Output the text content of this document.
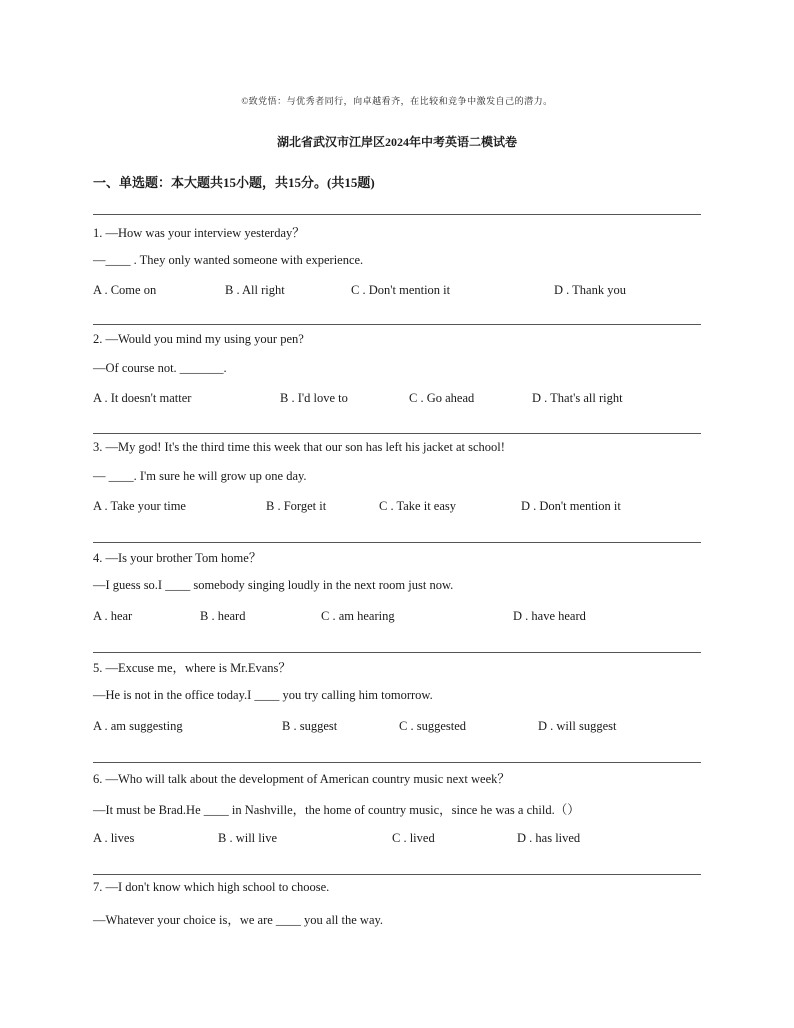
©致党悟：与优秀者同行，向卓越看齐，在比较和竞争中激发自己的潜力。
湖北省武汉市江岸区2024年中考英语二模试卷
一、单选题：本大题共15小题，共15分。(共15题)
1. —How was your interview yesterday？
—____ . They only wanted someone with experience.
A . Come on	B . All right	C . Don't mention it	D . Thank you
2. —Would you mind my using your pen?
—Of course not. _______.
A . It doesn't matter	B . I'd love to	C . Go ahead	D . That's all right
3. —My god! It's the third time this week that our son has left his jacket at school!
— ____. I'm sure he will grow up one day.
A . Take your time	B . Forget it	C . Take it easy	D . Don't mention it
4. —Is your brother Tom home？
—I guess so.I ____ somebody singing loudly in the next room just now.
A . hear	B . heard	C . am hearing	D . have heard
5. —Excuse me，where is Mr.Evans？
—He is not in the office today.I ____ you try calling him tomorrow.
A . am suggesting	B . suggest	C . suggested	D . will suggest
6. —Who will talk about the development of American country music next week？
—It must be Brad.He ____ in Nashville，the home of country music，since he was a child.（）
A . lives	B . will live	C . lived	D . has lived
7. —I don't know which high school to choose.
—Whatever your choice is，we are ____ you all the way.
